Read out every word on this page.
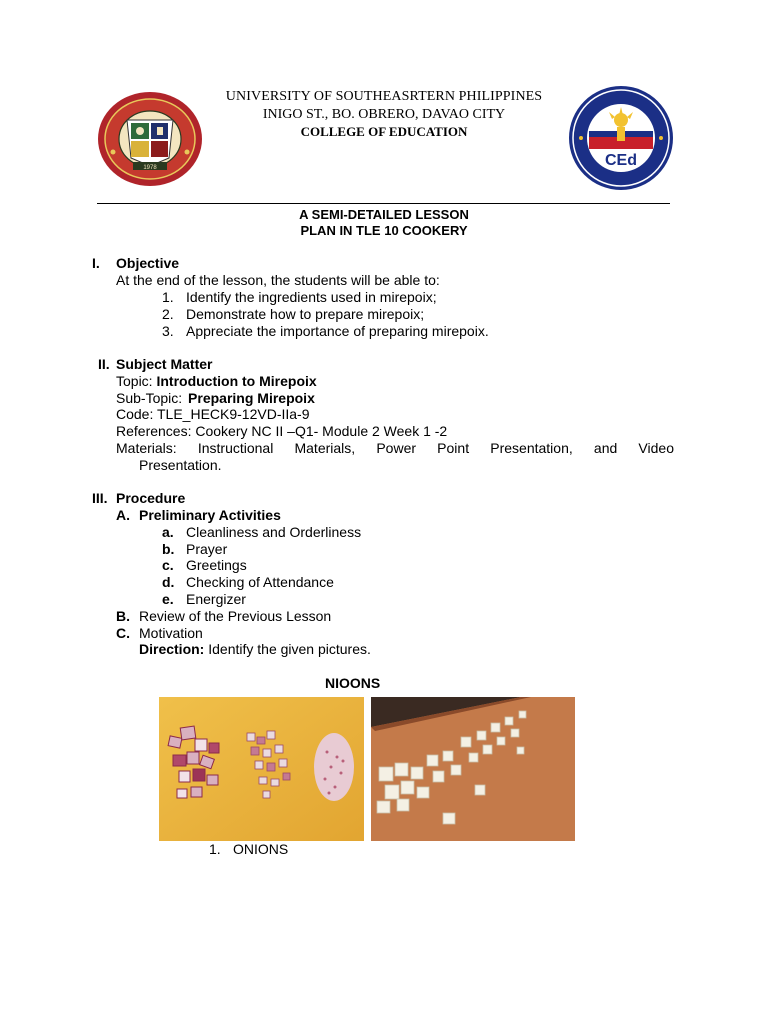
1978	CEd
UNIVERSITY OF SOUTHEASRTERN PHILIPPINES
INIGO ST., BO. OBRERO, DAVAO CITY
COLLEGE OF EDUCATION
A SEMI-DETAILED LESSON
PLAN IN TLE 10 COOKERY
I. Objective
At the end of the lesson, the students will be able to:
1. Identify the ingredients used in mirepoix;
2. Demonstrate how to prepare mirepoix;
3. Appreciate the importance of preparing mirepoix.
II. Subject Matter
Topic: Introduction to Mirepoix
Sub-Topic: Preparing Mirepoix
Code: TLE_HECK9-12VD-IIa-9
References: Cookery NC II –Q1- Module 2 Week 1 -2
Materials: Instructional Materials, Power Point Presentation, and Video
Presentation.
III. Procedure
A. Preliminary Activities
a. Cleanliness and Orderliness
b. Prayer
c. Greetings
d. Checking of Attendance
e. Energizer
B. Review of the Previous Lesson
C. Motivation
Direction: Identify the given pictures.
NIOONS
1. ONIONS
